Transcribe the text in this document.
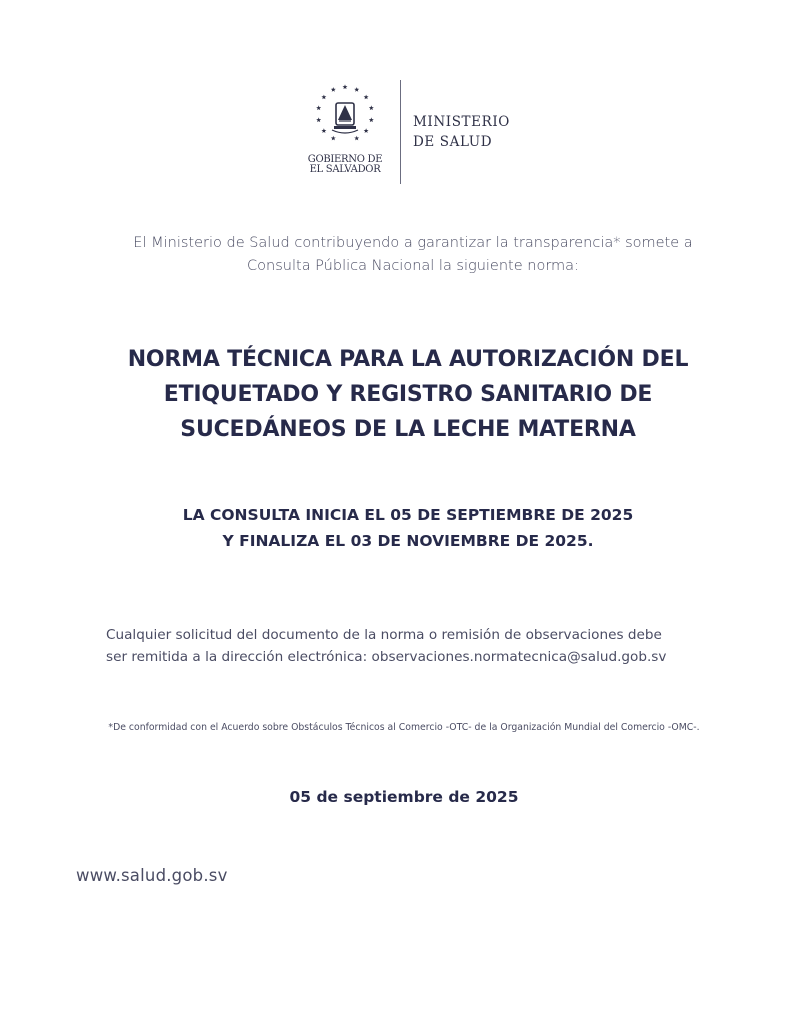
GOBIERNO DE
EL SALVADOR
MINISTERIO
DE SALUD
El Ministerio de Salud contribuyendo a garantizar la transparencia* somete a
Consulta Pública Nacional la siguiente norma:
NORMA TÉCNICA PARA LA AUTORIZACIÓN DEL
ETIQUETADO Y REGISTRO SANITARIO DE
SUCEDÁNEOS DE LA LECHE MATERNA
LA CONSULTA INICIA EL 05 DE SEPTIEMBRE DE 2025
Y FINALIZA EL 03 DE NOVIEMBRE DE 2025.
Cualquier solicitud del documento de la norma o remisión de observaciones debe
ser remitida a la dirección electrónica: observaciones.normatecnica@salud.gob.sv
*De conformidad con el Acuerdo sobre Obstáculos Técnicos al Comercio -OTC- de la Organización Mundial del Comercio -OMC-.
05 de septiembre de 2025
www.salud.gob.sv
